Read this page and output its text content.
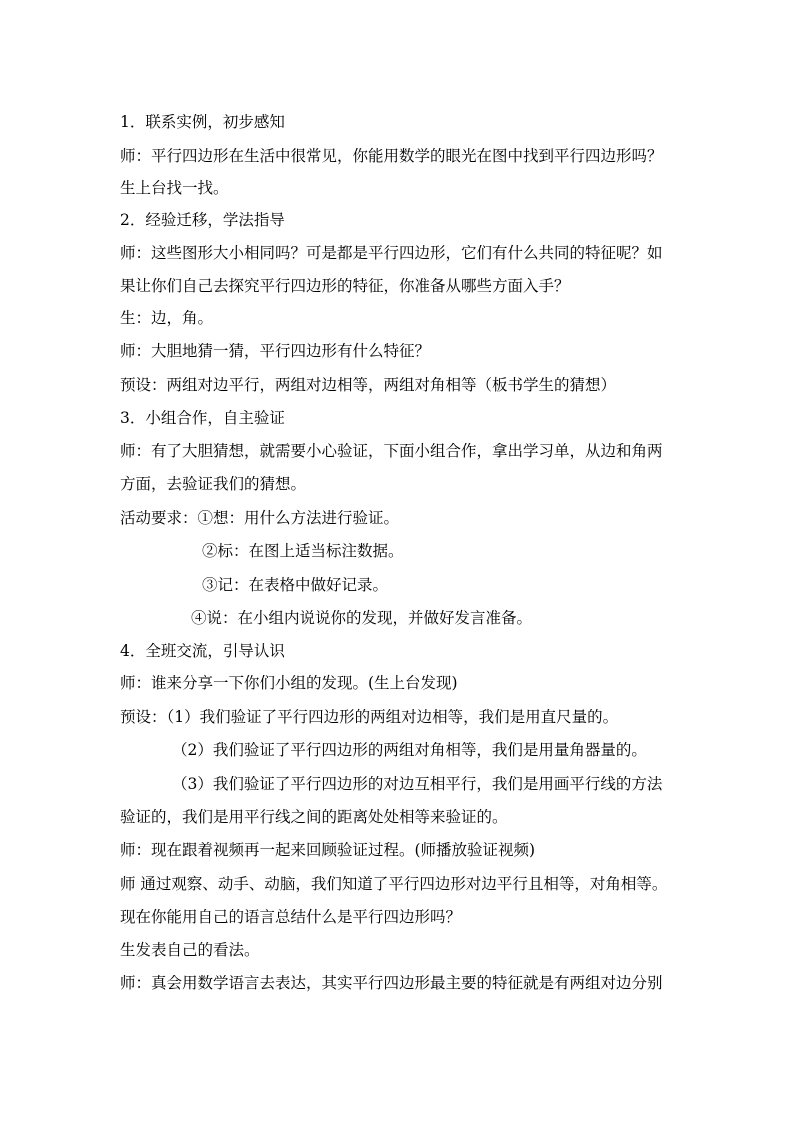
1．联系实例，初步感知
师：平行四边形在生活中很常见，你能用数学的眼光在图中找到平行四边形吗？
生上台找一找。
2．经验迁移，学法指导
师：这些图形大小相同吗？可是都是平行四边形，它们有什么共同的特征呢？如
果让你们自己去探究平行四边形的特征，你准备从哪些方面入手？
生：边，角。
师：大胆地猜一猜，平行四边形有什么特征？
预设：两组对边平行，两组对边相等，两组对角相等（板书学生的猜想）
3．小组合作，自主验证
师：有了大胆猜想，就需要小心验证，下面小组合作，拿出学习单，从边和角两
方面，去验证我们的猜想。
活动要求：①想：用什么方法进行验证。
②标：在图上适当标注数据。
③记：在表格中做好记录。
④说：在小组内说说你的发现，并做好发言准备。
4．全班交流，引导认识
师：谁来分享一下你们小组的发现。(生上台发现)
预设：（1）我们验证了平行四边形的两组对边相等，我们是用直尺量的。
（2）我们验证了平行四边形的两组对角相等，我们是用量角器量的。
（3）我们验证了平行四边形的对边互相平行，我们是用画平行线的方法
验证的，我们是用平行线之间的距离处处相等来验证的。
师：现在跟着视频再一起来回顾验证过程。(师播放验证视频)
师 通过观察、动手、动脑，我们知道了平行四边形对边平行且相等，对角相等。
现在你能用自己的语言总结什么是平行四边形吗？
生发表自己的看法。
师：真会用数学语言去表达，其实平行四边形最主要的特征就是有两组对边分别
